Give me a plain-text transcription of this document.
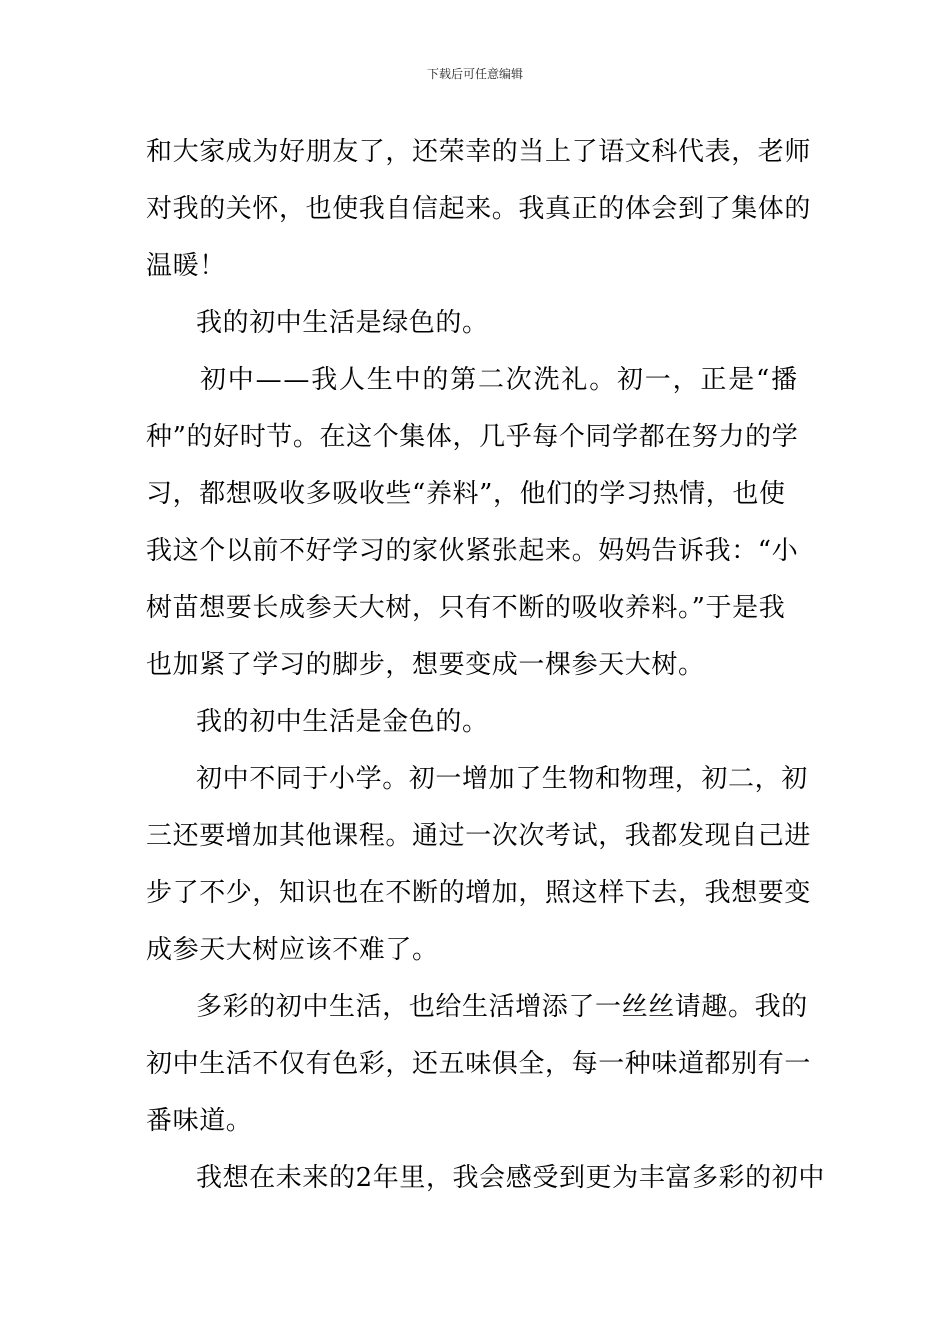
下载后可任意编辑
和大家成为好朋友了，还荣幸的当上了语文科代表，老师
对我的关怀，也使我自信起来。我真正的体会到了集体的
温暖！
我的初中生活是绿色的。
初中——我人生中的第二次洗礼。初一，正是“播
种”的好时节。在这个集体，几乎每个同学都在努力的学
习，都想吸收多吸收些“养料”，他们的学习热情，也使
我这个以前不好学习的家伙紧张起来。妈妈告诉我：“小
树苗想要长成参天大树，只有不断的吸收养料。”于是我
也加紧了学习的脚步，想要变成一棵参天大树。
我的初中生活是金色的。
初中不同于小学。初一增加了生物和物理，初二，初
三还要增加其他课程。通过一次次考试，我都发现自己进
步了不少，知识也在不断的增加，照这样下去，我想要变
成参天大树应该不难了。
多彩的初中生活，也给生活增添了一丝丝请趣。我的
初中生活不仅有色彩，还五味俱全，每一种味道都别有一
番味道。
我想在未来的2年里，我会感受到更为丰富多彩的初中
